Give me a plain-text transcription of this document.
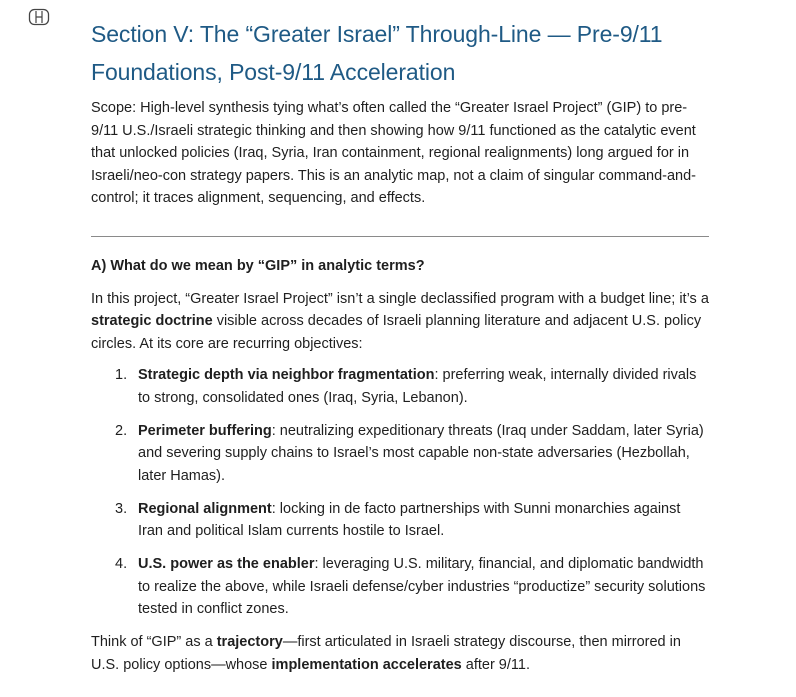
Section V: The “Greater Israel” Through-Line — Pre-9/11 Foundations, Post-9/11 Acceleration

Scope: High-level synthesis tying what’s often called the “Greater Israel Project” (GIP) to pre-9/11 U.S./Israeli strategic thinking and then showing how 9/11 functioned as the catalytic event that unlocked policies (Iraq, Syria, Iran containment, regional realignments) long argued for in Israeli/neo-con strategy papers. This is an analytic map, not a claim of singular command-and-control; it traces alignment, sequencing, and effects.

A) What do we mean by “GIP” in analytic terms?

In this project, “Greater Israel Project” isn’t a single declassified program with a budget line; it’s a strategic doctrine visible across decades of Israeli planning literature and adjacent U.S. policy circles. At its core are recurring objectives:

1. Strategic depth via neighbor fragmentation: preferring weak, internally divided rivals to strong, consolidated ones (Iraq, Syria, Lebanon).
2. Perimeter buffering: neutralizing expeditionary threats (Iraq under Saddam, later Syria) and severing supply chains to Israel’s most capable non-state adversaries (Hezbollah, later Hamas).
3. Regional alignment: locking in de facto partnerships with Sunni monarchies against Iran and political Islam currents hostile to Israel.
4. U.S. power as the enabler: leveraging U.S. military, financial, and diplomatic bandwidth to realize the above, while Israeli defense/cyber industries “productize” security solutions tested in conflict zones.

Think of “GIP” as a trajectory—first articulated in Israeli strategy discourse, then mirrored in U.S. policy options—whose implementation accelerates after 9/11.
